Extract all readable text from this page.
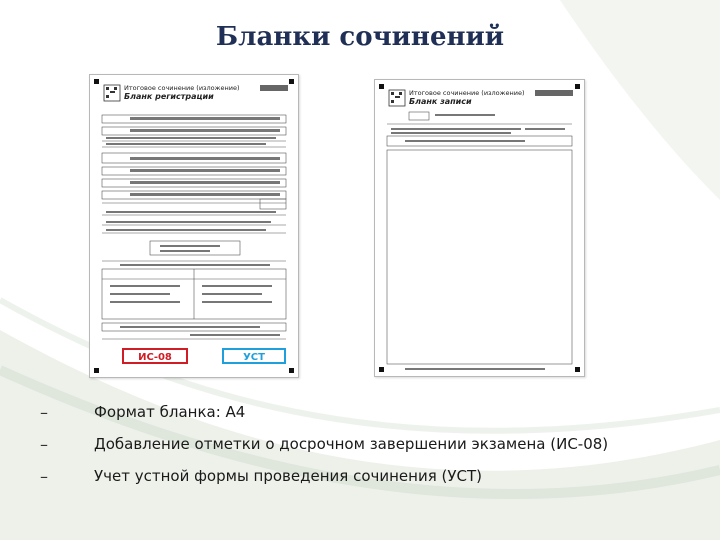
Бланки сочинений
Итоговое сочинение (изложение)
Бланк регистрации
ИС-08	УСТ
Итоговое сочинение (изложение)
Бланк записи
–	Формат бланка: А4
–	Добавление отметки о досрочном завершении экзамена (ИС-08)
–	Учет устной формы проведения сочинения (УСТ)
